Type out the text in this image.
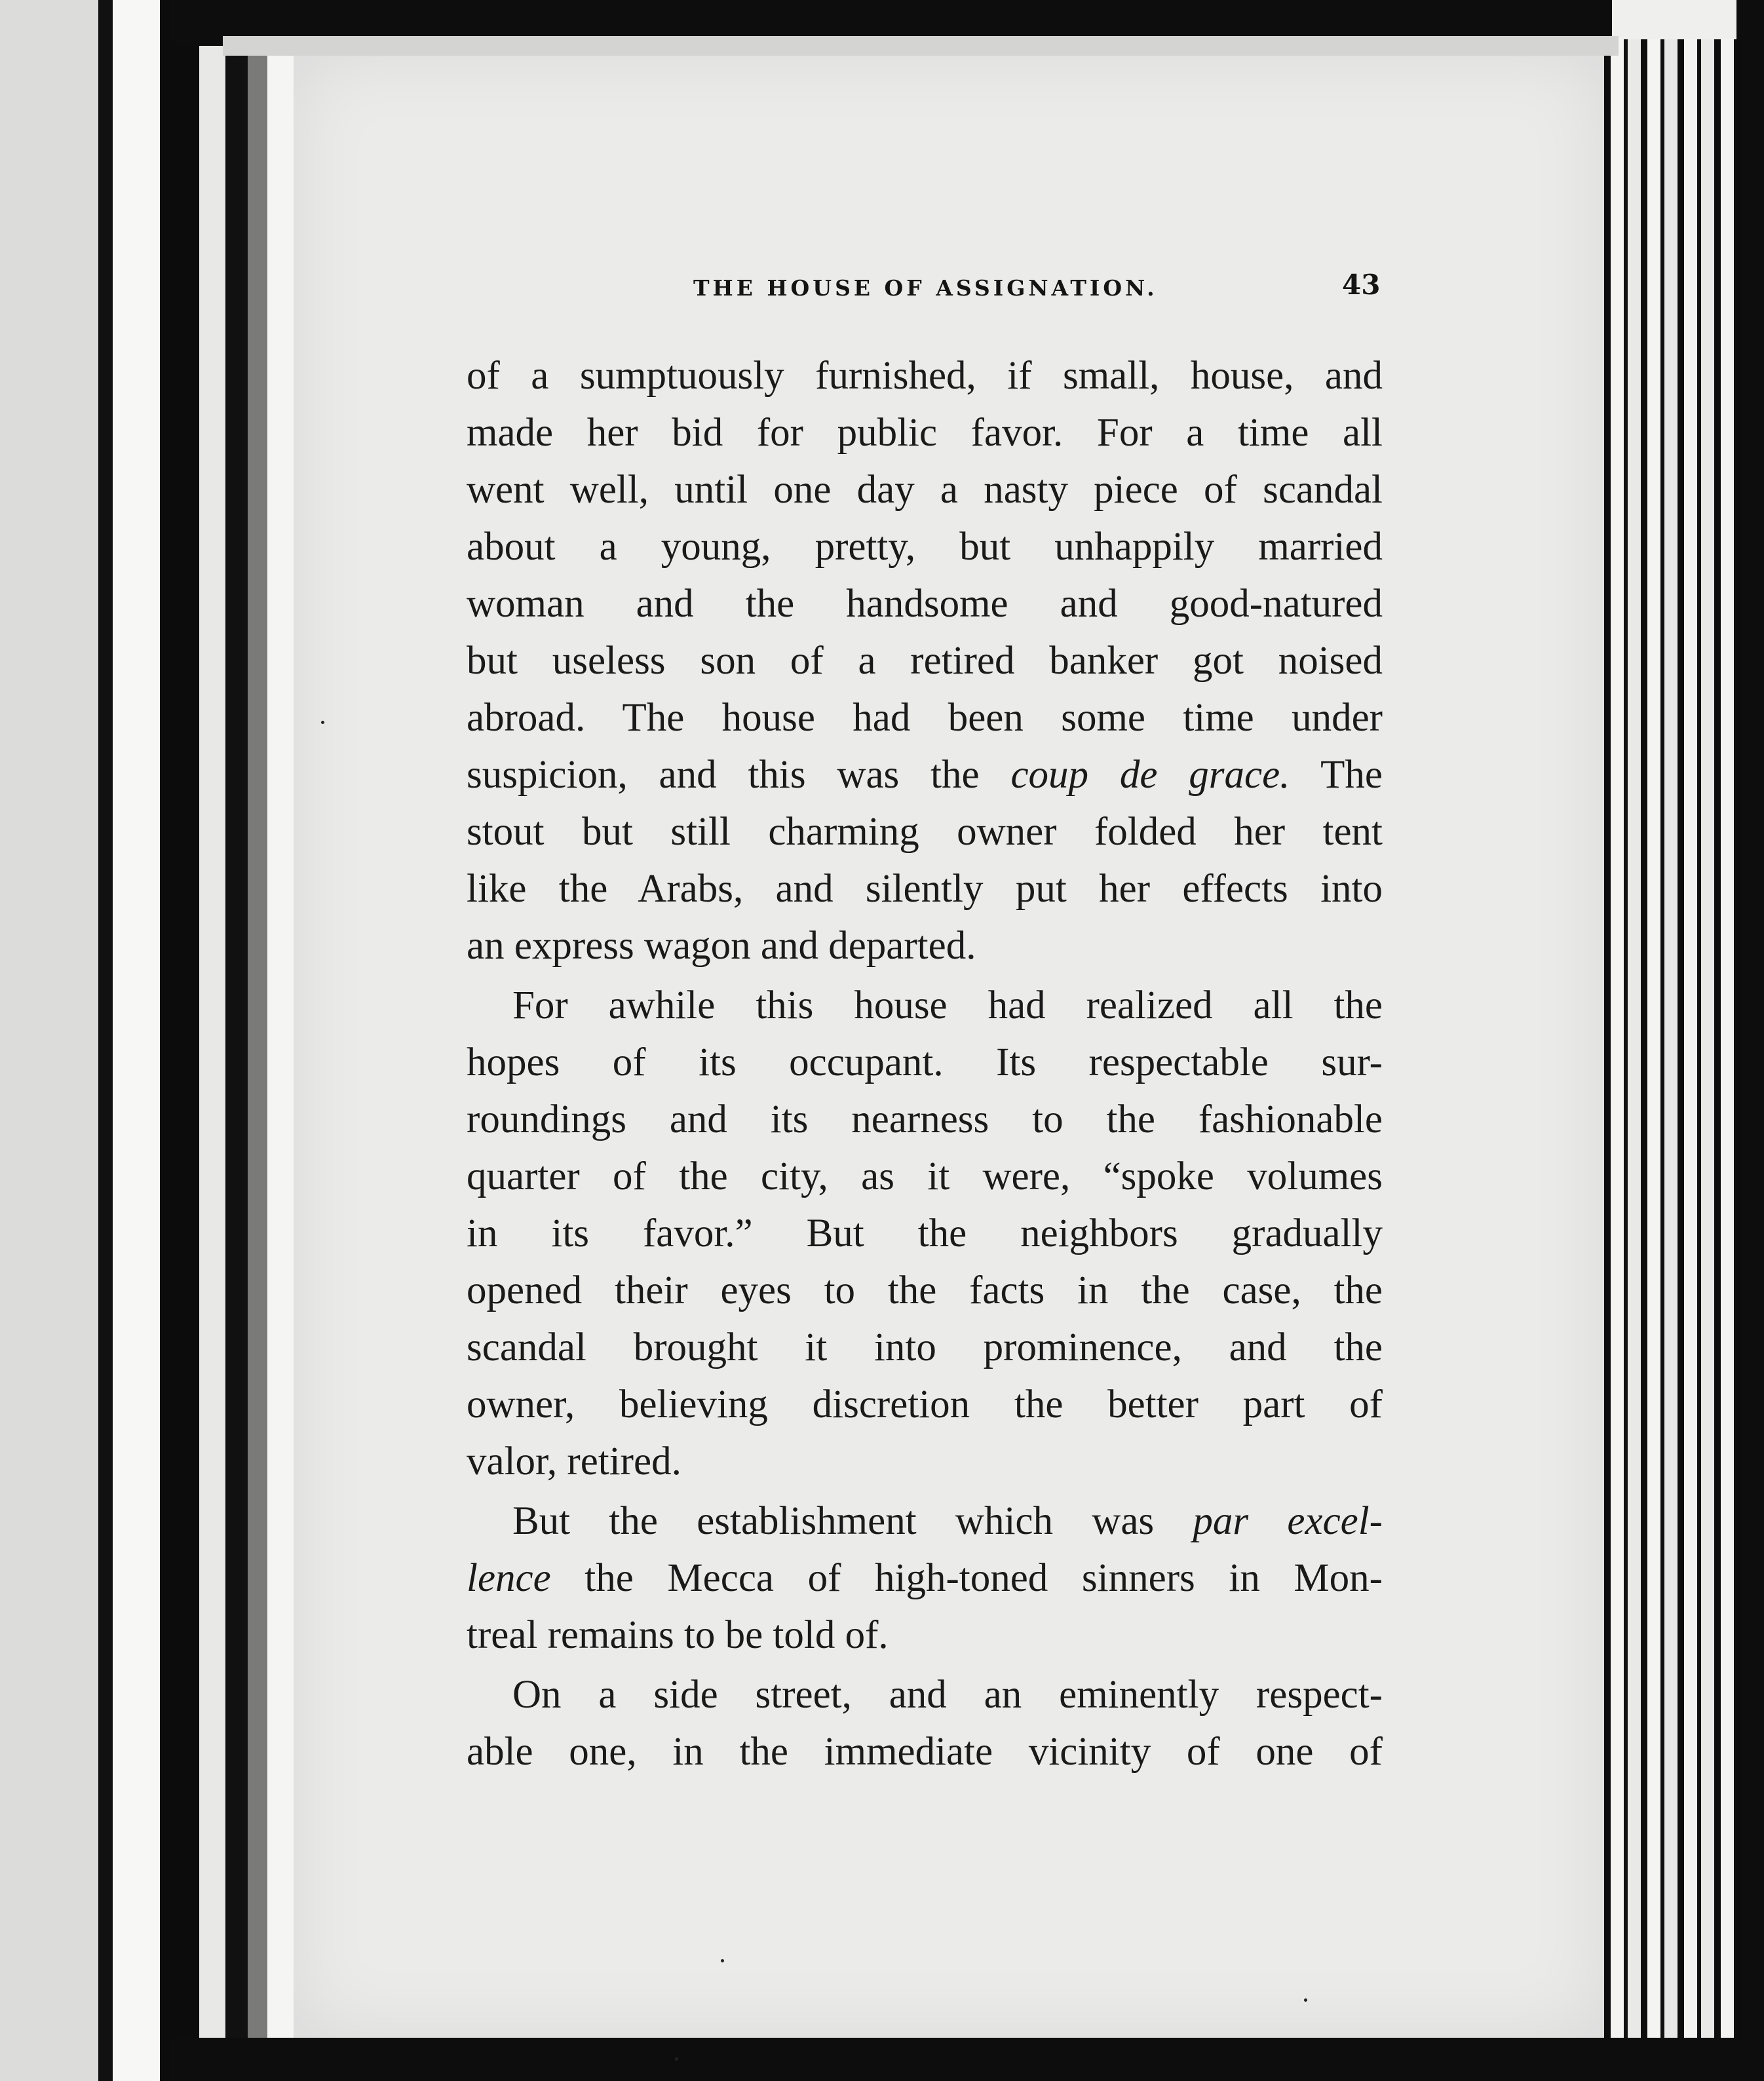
THE HOUSE OF ASSIGNATION.	43
of a sumptuously furnished, if small, house, and
made her bid for public favor. For a time all
went well, until one day a nasty piece of scandal
about a young, pretty, but unhappily married
woman and the handsome and good-natured
but useless son of a retired banker got noised
abroad. The house had been some time under
suspicion, and this was the coup de grace. The
stout but still charming owner folded her tent
like the Arabs, and silently put her effects into
an express wagon and departed.
For awhile this house had realized all the
hopes of its occupant. Its respectable sur-
roundings and its nearness to the fashionable
quarter of the city, as it were, “spoke volumes
in its favor.” But the neighbors gradually
opened their eyes to the facts in the case, the
scandal brought it into prominence, and the
owner, believing discretion the better part of
valor, retired.
But the establishment which was par excel-
lence the Mecca of high-toned sinners in Mon-
treal remains to be told of.
On a side street, and an eminently respect-
able one, in the immediate vicinity of one of
